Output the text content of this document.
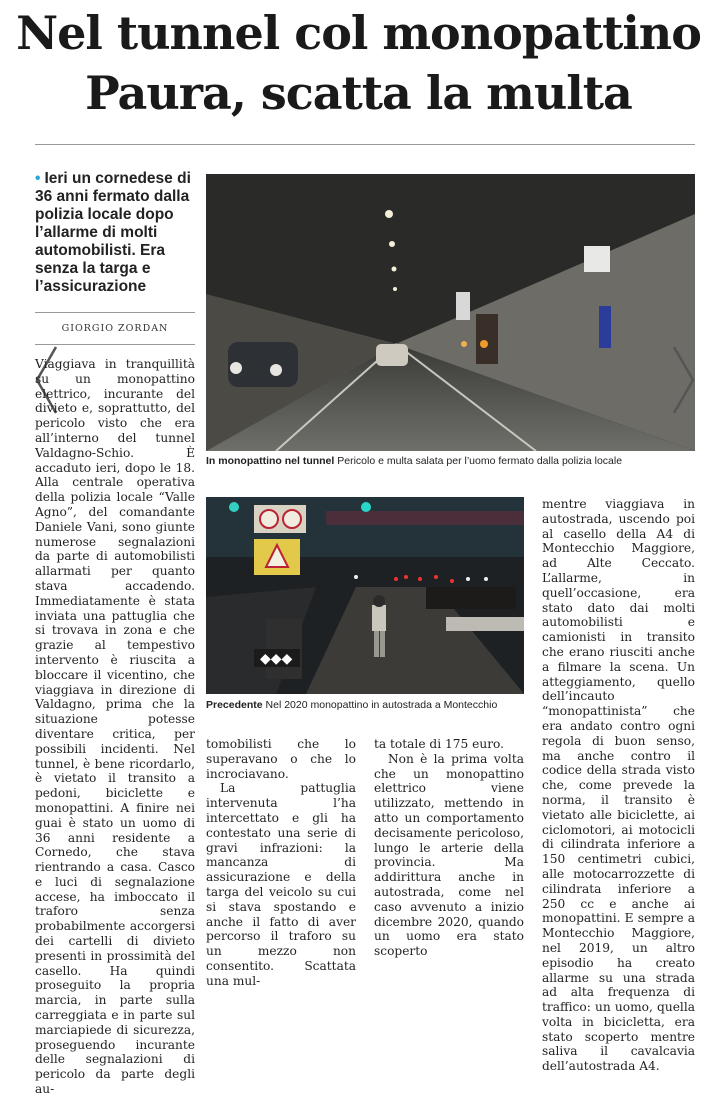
Nel tunnel col monopattino
Paura, scatta la multa
• Ieri un cornedese di 36 anni fermato dalla polizia locale dopo l’allarme di molti automobilisti. Era senza la targa e l’assicurazione
GIORGIO ZORDAN
In monopattino nel tunnel Pericolo e multa salata per l’uomo fermato dalla polizia locale
◆◆◆
Precedente Nel 2020 monopattino in autostrada a Montecchio

Viaggiava in tranquillità su un monopattino elettrico, incurante del divieto e, soprattutto, del pericolo visto che era all’interno del tunnel Valdagno-Schio. È accaduto ieri, dopo le 18. Alla centrale operativa della polizia locale “Valle Agno”, del comandante Daniele Vani, sono giunte numerose segnalazioni da parte di automobilisti allarmati per quanto stava accadendo. Immediatamente è stata inviata una pattuglia che si trovava in zona e che grazie al tempestivo intervento è riuscita a bloccare il vicentino, che viaggiava in direzione di Valdagno, prima che la situazione potesse diventare critica, per possibili incidenti. Nel tunnel, è bene ricordarlo, è vietato il transito a pedoni, biciclette e monopattini. A finire nei guai è stato un uomo di 36 anni residente a Cornedo, che stava rientrando a casa. Casco e luci di segnalazione accese, ha imboccato il traforo senza probabilmente accorgersi dei cartelli di divieto presenti in prossimità del casello. Ha quindi proseguito la propria marcia, in parte sulla carreggiata e in parte sul marciapiede di sicurezza, proseguendo incurante delle segnalazioni di pericolo da parte degli au-

tomobilisti che lo superavano o che lo incrociavano.

La pattuglia intervenuta l’ha intercettato e gli ha contestato una serie di gravi infrazioni: la mancanza di assicurazione e della targa del veicolo su cui si stava spostando e anche il fatto di aver percorso il traforo su un mezzo non consentito. Scattata una mul-

ta totale di 175 euro.

Non è la prima volta che un monopattino elettrico viene utilizzato, mettendo in atto un comportamento decisamente pericoloso, lungo le arterie della provincia. Ma addirittura anche in autostrada, come nel caso avvenuto a inizio dicembre 2020, quando un uomo era stato scoperto

mentre viaggiava in autostrada, uscendo poi al casello della A4 di Montecchio Maggiore, ad Alte Ceccato. L’allarme, in quell’occasione, era stato dato dai molti automobilisti e camionisti in transito che erano riusciti anche a filmare la scena. Un atteggiamento, quello dell’incauto “monopattinista” che era andato contro ogni regola di buon senso, ma anche contro il codice della strada visto che, come prevede la norma, il transito è vietato alle biciclette, ai ciclomotori, ai motocicli di cilindrata inferiore a 150 centimetri cubici, alle motocarrozzette di cilindrata inferiore a 250 cc e anche ai monopattini. E sempre a Montecchio Maggiore, nel 2019, un altro episodio ha creato allarme su una strada ad alta frequenza di traffico: un uomo, quella volta in bicicletta, era stato scoperto mentre saliva il cavalcavia dell’autostrada A4.
